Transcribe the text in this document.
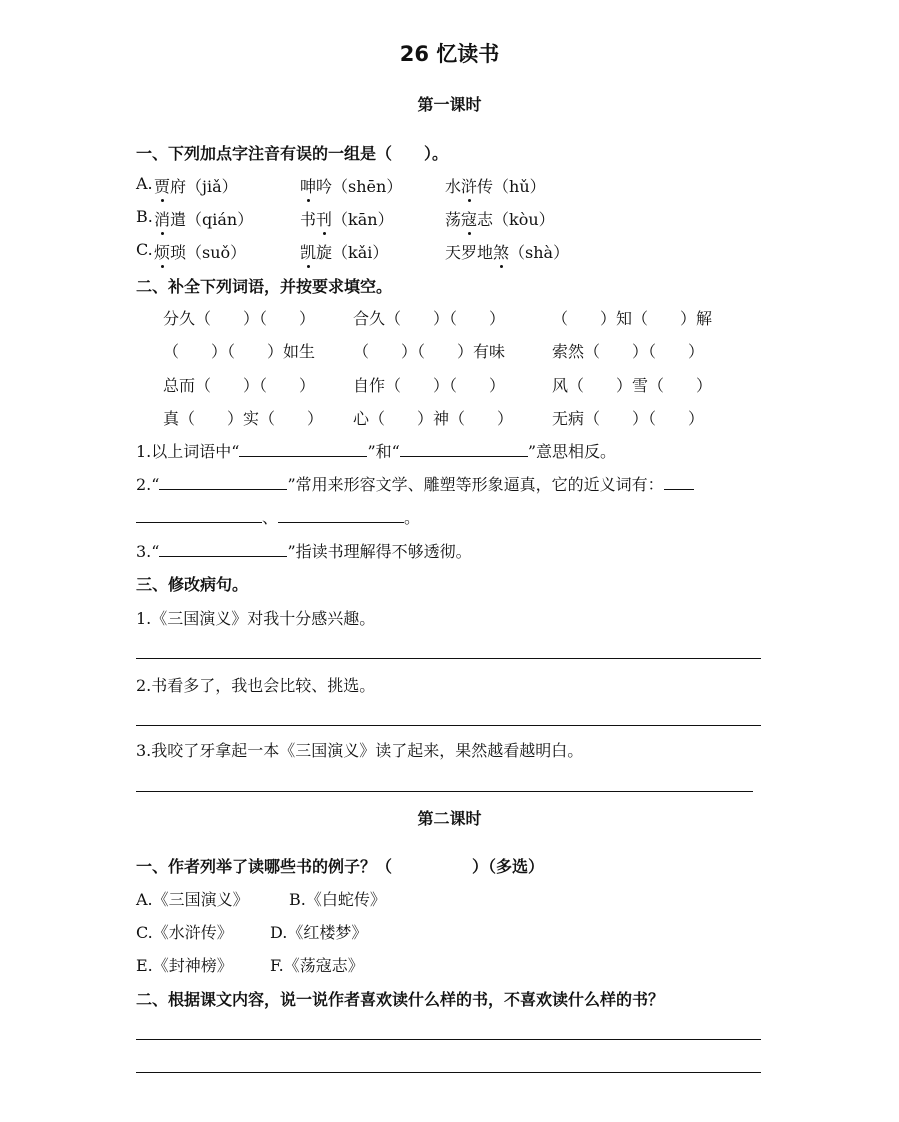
26 忆读书
第一课时
一、下列加点字注音有误的一组是（　　）。
A. 贾府（jiǎ）	呻吟（shēn）	水浒传（hǔ）
B. 消遣（qián）	书刊（kān）	荡寇志（kòu）
C. 烦琐（suǒ）	凯旋（kǎi）	天罗地煞（shà）
二、补全下列词语，并按要求填空。
分久（　　）（　　） 合久（　　）（　　）	（　　）知（　　）解
（　　）（　　）如生 （　　）（　　）有味	索然（　　）（　　）
总而（　　）（　　） 自作（　　）（　　）	风（　　）雪（　　）
真（　　）实（　　） 心（　　）神（　　） 无病（　　）（　　）
1.以上词语中“	”和“	”意思相反。
2.“	”常用来形容文学、雕塑等形象逼真，它的近义词有：
、	。
3.“	”指读书理解得不够透彻。
三、修改病句。
1.《三国演义》对我十分感兴趣。
2.书看多了，我也会比较、挑选。
3.我咬了牙拿起一本《三国演义》读了起来，果然越看越明白。
第二课时
一、作者列举了读哪些书的例子？（　　　　　）（多选）
A.《三国演义》	B.《白蛇传》
C.《水浒传》 D.《红楼梦》
E.《封神榜》 F.《荡寇志》
二、根据课文内容，说一说作者喜欢读什么样的书，不喜欢读什么样的书？
